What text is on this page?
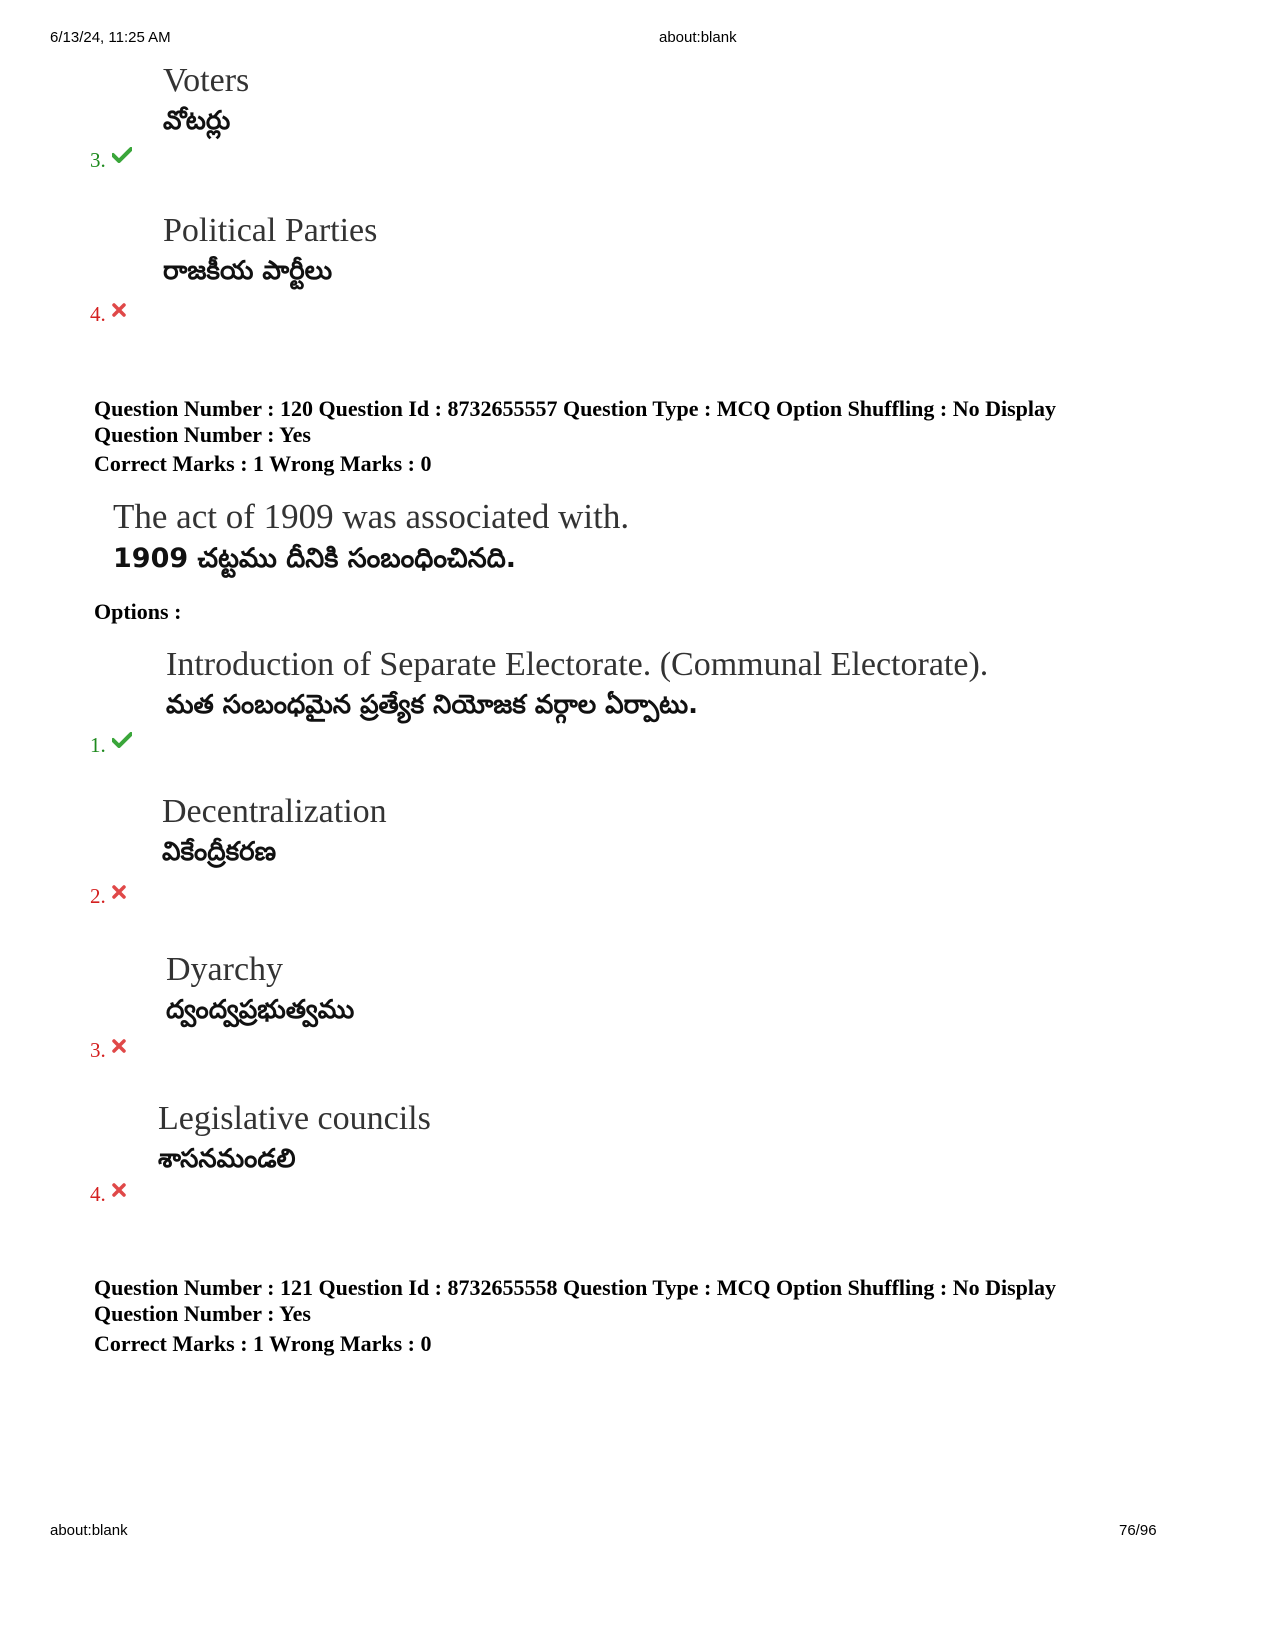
6/13/24, 11:25 AM	about:blank
Voters
వోటర్లు
3.
Political Parties
రాజకీయ పార్టీలు
4.
Question Number : 120 Question Id : 8732655557 Question Type : MCQ Option Shuffling : No Display
Question Number : Yes
Correct Marks : 1 Wrong Marks : 0
The act of 1909 was associated with.
1909 చట్టము దీనికి సంబంధించినది.
Options :
Introduction of Separate Electorate. (Communal Electorate).
మత సంబంధమైన ప్రత్యేక నియోజక వర్గాల ఏర్పాటు.
1.
Decentralization
వికేంద్రీకరణ
2.
Dyarchy
ద్వంద్వప్రభుత్వము
3.
Legislative councils
శాసనమండలి
4.
Question Number : 121 Question Id : 8732655558 Question Type : MCQ Option Shuffling : No Display
Question Number : Yes
Correct Marks : 1 Wrong Marks : 0
about:blank	76/96
